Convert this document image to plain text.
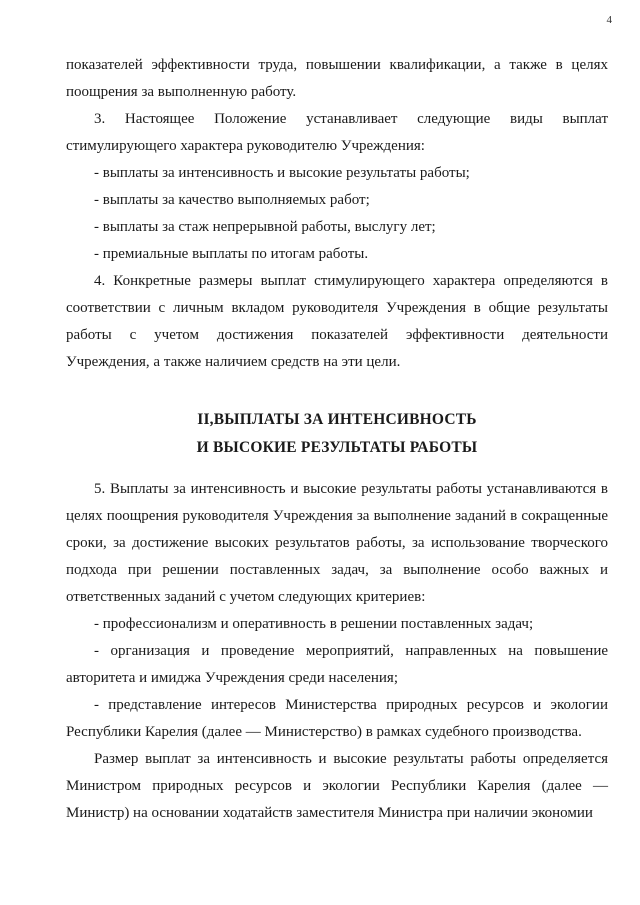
4

показателей эффективности труда, повышении квалификации, а также в целях поощрения за выполненную работу.

3. Настоящее Положение устанавливает следующие виды выплат стимулирующего характера руководителю Учреждения:

- выплаты за интенсивность и высокие результаты работы;

- выплаты за качество выполняемых работ;

- выплаты за стаж непрерывной работы, выслугу лет;

- премиальные выплаты по итогам работы.

4. Конкретные размеры выплат стимулирующего характера определяются в соответствии с личным вкладом руководителя Учреждения в общие результаты работы с учетом достижения показателей эффективности деятельности Учреждения, а также наличием средств на эти цели.

II,ВЫПЛАТЫ ЗА ИНТЕНСИВНОСТЬ
И ВЫСОКИЕ РЕЗУЛЬТАТЫ РАБОТЫ

5. Выплаты за интенсивность и высокие результаты работы устанавливаются в целях поощрения руководителя Учреждения за выполнение заданий в сокращенные сроки, за достижение высоких результатов работы, за использование творческого подхода при решении поставленных задач, за выполнение особо важных и ответственных заданий с учетом следующих критериев:

- профессионализм и оперативность в решении поставленных задач;

- организация и проведение мероприятий, направленных на повышение авторитета и имиджа Учреждения среди населения;

- представление интересов Министерства природных ресурсов и экологии Республики Карелия (далее — Министерство) в рамках судебного производства.

Размер выплат за интенсивность и высокие результаты работы определяется Министром природных ресурсов и экологии Республики Карелия (далее — Министр) на основании ходатайств заместителя Министра при наличии экономии
